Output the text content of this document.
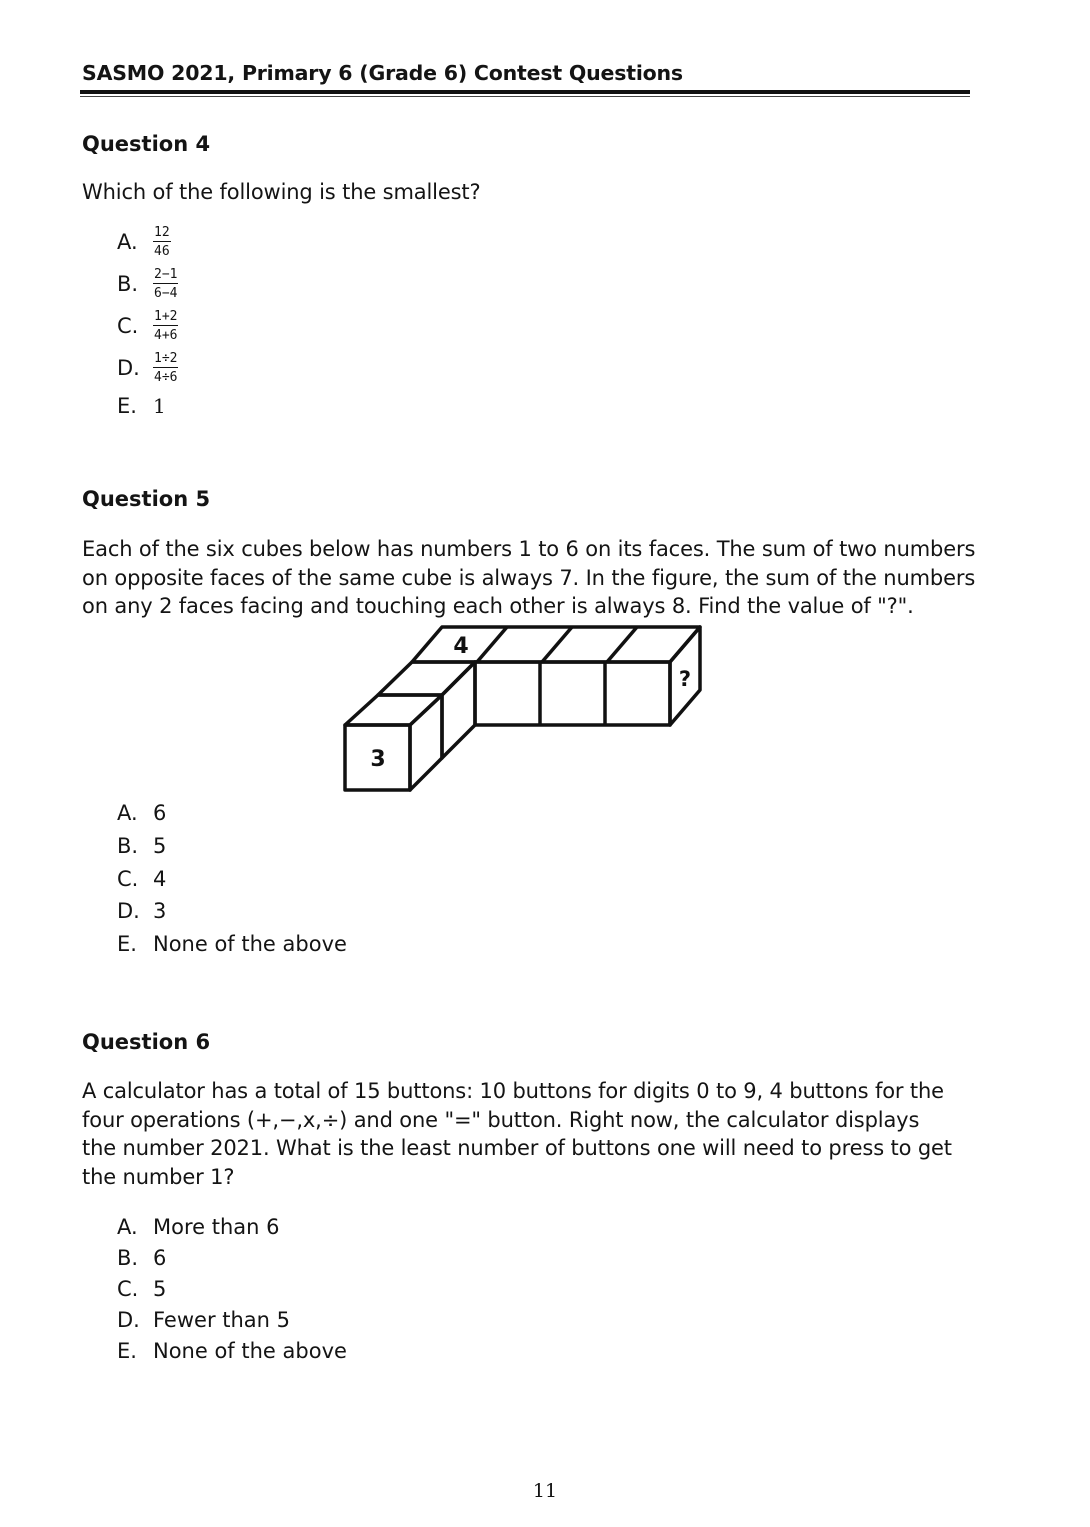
SASMO 2021, Primary 6 (Grade 6) Contest Questions
Question 4
Which of the following is the smallest?
A. $\frac{12}{46}$
B. $\frac{2-1}{6-4}$
C. $\frac{1+2}{4+6}$
D. $\frac{1\div 2}{4\div 6}$
E. 1
Question 5
Each of the six cubes below has numbers 1 to 6 on its faces. The sum of two numbers
on opposite faces of the same cube is always 7. In the figure, the sum of the numbers
on any 2 faces facing and touching each other is always 8. Find the value of "?".
4
3
?
A. 6
B. 5
C. 4
D. 3
E. None of the above
Question 6
A calculator has a total of 15 buttons: 10 buttons for digits 0 to 9, 4 buttons for the
four operations (+,−,x,÷) and one "=" button. Right now, the calculator displays
the number 2021. What is the least number of buttons one will need to press to get
the number 1?
A. More than 6
B. 6
C. 5
D. Fewer than 5
E. None of the above
11
